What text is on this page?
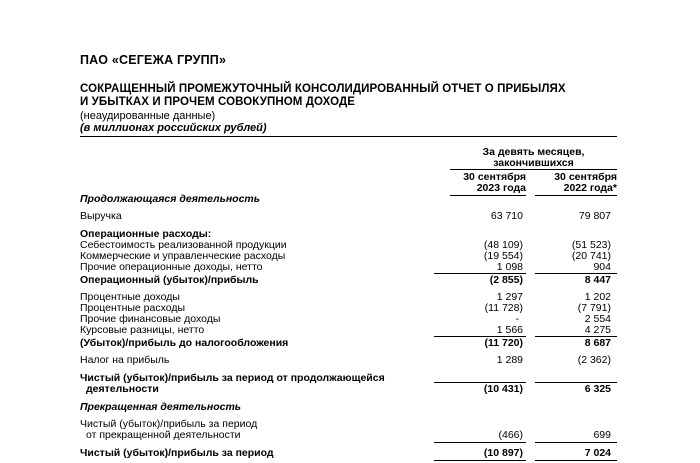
ПАО «СЕГЕЖА ГРУПП»
СОКРАЩЕННЫЙ ПРОМЕЖУТОЧНЫЙ КОНСОЛИДИРОВАННЫЙ ОТЧЕТ О ПРИБЫЛЯХ
И УБЫТКАХ И ПРОЧЕМ СОВОКУПНОМ ДОХОДЕ
(неаудированные данные)
(в миллионах российских рублей)
За девять месяцев,
закончившихся
30 сентября
2023 года
30 сентября
2022 года*
Продолжающаяся деятельность
Выручка	63 710	79 807
Операционные расходы:
Себестоимость реализованной продукции	(48 109)	(51 523)
Коммерческие и управленческие расходы	(19 554)	(20 741)
Прочие операционные доходы, нетто	1 098	904
Операционный (убыток)/прибыль	(2 855)	8 447
Процентные доходы	1 297	1 202
Процентные расходы	(11 728)	(7 791)
Прочие финансовые доходы	-	2 554
Курсовые разницы, нетто	1 566	4 275
(Убыток)/прибыль до налогообложения	(11 720)	8 687
Налог на прибыль	1 289	(2 362)
Чистый (убыток)/прибыль за период от продолжающейся
деятельности	(10 431)	6 325
Прекращенная деятельность
Чистый (убыток)/прибыль за период
от прекращенной деятельности	(466)	699
Чистый (убыток)/прибыль за период	(10 897)	7 024
